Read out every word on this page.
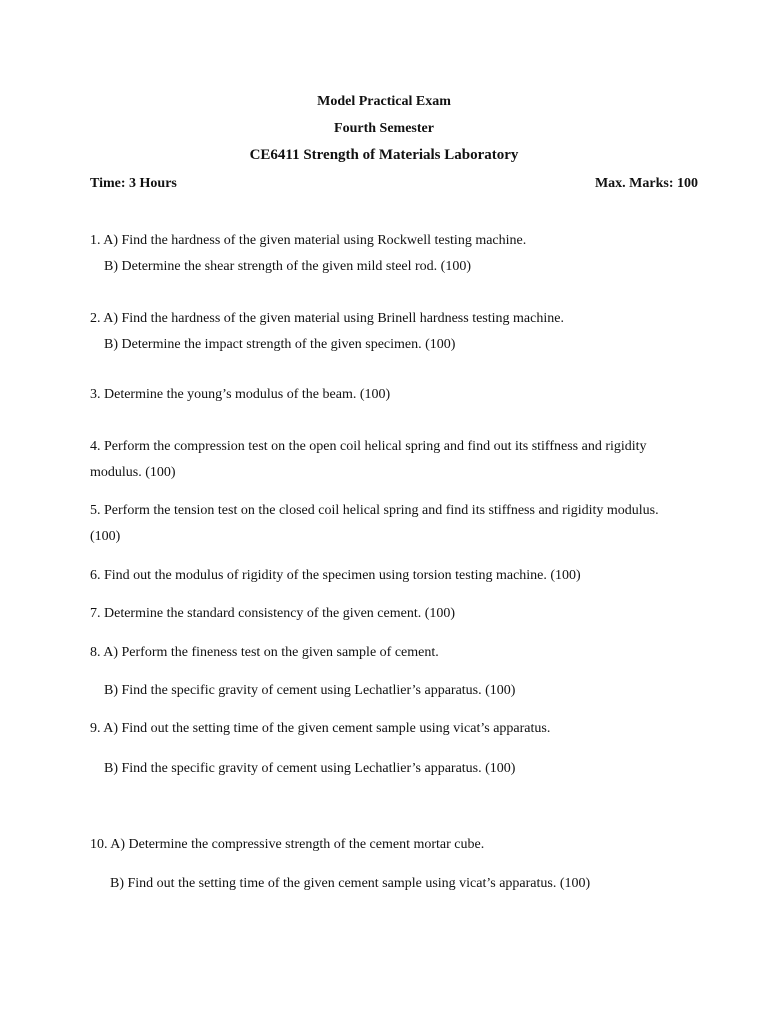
Model Practical Exam
Fourth Semester
CE6411 Strength of Materials Laboratory
Time: 3 Hours	Max. Marks: 100
1. A) Find the hardness of the given material using Rockwell testing machine.
B) Determine the shear strength of the given mild steel rod. (100)
2. A) Find the hardness of the given material using Brinell hardness testing machine.
B) Determine the impact strength of the given specimen. (100)
3. Determine the young’s modulus of the beam. (100)
4. Perform the compression test on the open coil helical spring and find out its stiffness and rigidity
modulus. (100)
5. Perform the tension test on the closed coil helical spring and find its stiffness and rigidity modulus.
(100)
6. Find out the modulus of rigidity of the specimen using torsion testing machine. (100)
7. Determine the standard consistency of the given cement. (100)
8. A) Perform the fineness test on the given sample of cement.
B) Find the specific gravity of cement using Lechatlier’s apparatus. (100)
9. A) Find out the setting time of the given cement sample using vicat’s apparatus.
B) Find the specific gravity of cement using Lechatlier’s apparatus. (100)
10. A) Determine the compressive strength of the cement mortar cube.
B) Find out the setting time of the given cement sample using vicat’s apparatus. (100)
